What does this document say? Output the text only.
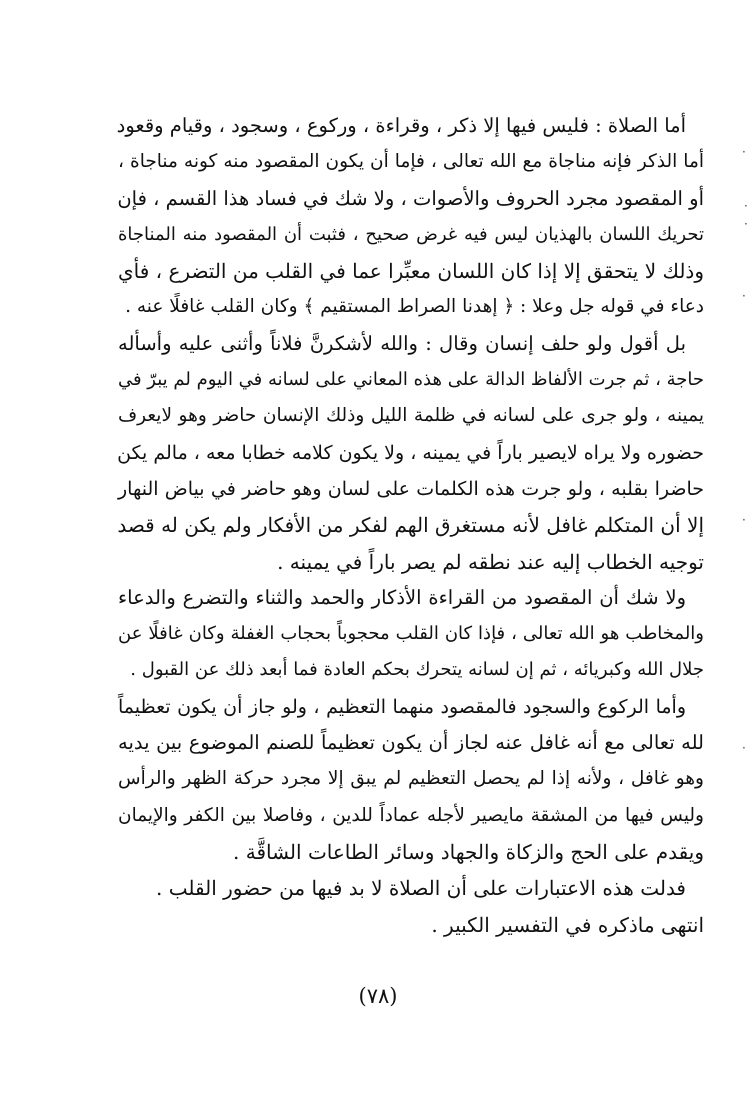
أما الصلاة : فليس فيها إلا ذكر ، وقراءة ، وركوع ، وسجود ، وقيام وقعود
أما الذكر فإنه مناجاة مع الله تعالى ، فإما أن يكون المقصود منه كونه مناجاة ،
أو المقصود مجرد الحروف والأصوات ، ولا شك في فساد هذا القسم ، فإن
تحريك اللسان بالهذيان ليس فيه غرض صحيح ، فثبت أن المقصود منه المناجاة
وذلك لا يتحقق إلا إذا كان اللسان معبِّرا عما في القلب من التضرع ، فأي
دعاء في قوله جل وعلا : ﴿ إهدنا الصراط المستقيم ﴾ وكان القلب غافلًا عنه .
بل أقول ولو حلف إنسان وقال : والله لأشكرنَّ فلاناً وأثنى عليه وأسأله
حاجة ، ثم جرت الألفاظ الدالة على هذه المعاني على لسانه في اليوم لم يبرّ في
يمينه ، ولو جرى على لسانه في ظلمة الليل وذلك الإنسان حاضر وهو لايعرف
حضوره ولا يراه لايصير باراً في يمينه ، ولا يكون كلامه خطابا معه ، مالم يكن
حاضرا بقلبه ، ولو جرت هذه الكلمات على لسان وهو حاضر في بياض النهار
إلا أن المتكلم غافل لأنه مستغرق الهم لفكر من الأفكار ولم يكن له قصد
توجيه الخطاب إليه عند نطقه لم يصر باراً في يمينه .
ولا شك أن المقصود من القراءة الأذكار والحمد والثناء والتضرع والدعاء
والمخاطب هو الله تعالى ، فإذا كان القلب محجوباً بحجاب الغفلة وكان غافلًا عن
جلال الله وكبريائه ، ثم إن لسانه يتحرك بحكم العادة فما أبعد ذلك عن القبول .
وأما الركوع والسجود فالمقصود منهما التعظيم ، ولو جاز أن يكون تعظيماً
لله تعالى مع أنه غافل عنه لجاز أن يكون تعظيماً للصنم الموضوع بين يديه
وهو غافل ، ولأنه إذا لم يحصل التعظيم لم يبق إلا مجرد حركة الظهر والرأس
وليس فيها من المشقة مايصير لأجله عماداً للدين ، وفاصلا بين الكفر والإيمان
ويقدم على الحج والزكاة والجهاد وسائر الطاعات الشاقَّة .
فدلت هذه الاعتبارات على أن الصلاة لا بد فيها من حضور القلب .
انتهى ماذكره في التفسير الكبير .
(٧٨)
·
·
·
·
·
·
